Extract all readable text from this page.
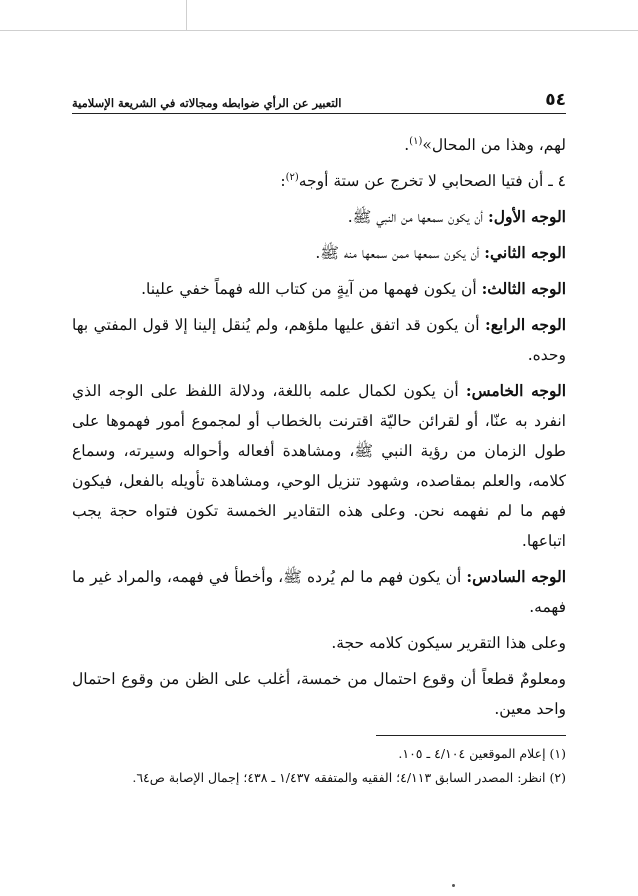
٥٤
التعبير عن الرأي ضوابطه ومجالاته في الشريعة الإسلامية

لهم، وهذا من المحال»$^{(١)}$.

٤ ـ أن فتيا الصحابي لا تخرج عن ستة أوجه$^{(٢)}$:

الوجه الأول: أن يكون سمعها من النبي ﷺ.

الوجه الثاني: أن يكون سمعها ممن سمعها منه ﷺ.

الوجه الثالث: أن يكون فهمها من آيةٍ من كتاب الله فهماً خفي علينا.

الوجه الرابع: أن يكون قد اتفق عليها ملؤهم، ولم يُنقل إلينا إلا قول المفتي بها وحده.

الوجه الخامس: أن يكون لكمال علمه باللغة، ودلالة اللفظ على الوجه الذي انفرد به عنّا، أو لقرائن حاليّة اقترنت بالخطاب أو لمجموع أمور فهموها على طول الزمان من رؤية النبي ﷺ، ومشاهدة أفعاله وأحواله وسيرته، وسماع كلامه، والعلم بمقاصده، وشهود تنزيل الوحي، ومشاهدة تأويله بالفعل، فيكون فهم ما لم نفهمه نحن. وعلى هذه التقادير الخمسة تكون فتواه حجة يجب اتباعها.

الوجه السادس: أن يكون فهم ما لم يُرده ﷺ، وأخطأ في فهمه، والمراد غير ما فهمه.

وعلى هذا التقرير سيكون كلامه حجة.

ومعلومٌ قطعاً أن وقوع احتمال من خمسة، أغلب على الظن من وقوع احتمال واحد معين.

(١) إعلام الموقعين ٤/١٠٤ ـ ١٠٥.

(٢) انظر: المصدر السابق ٤/١١٣؛ الفقيه والمتفقه ١/٤٣٧ ـ ٤٣٨؛ إجمال الإصابة ص٦٤.
